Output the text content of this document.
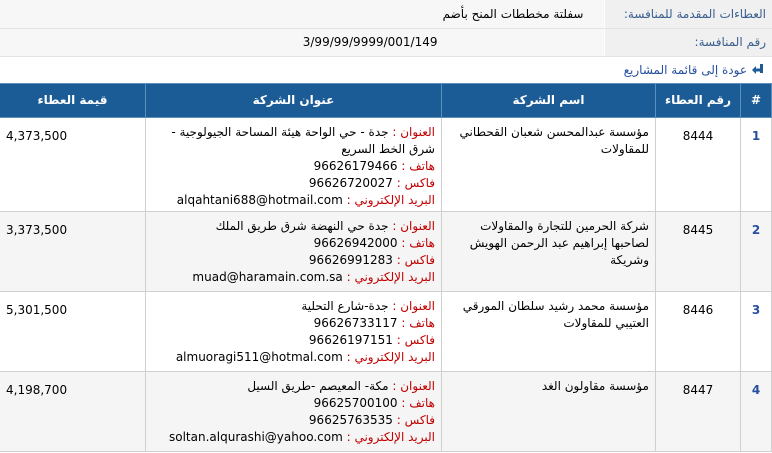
العطاءات المقدمة للمنافسة:	سفلتة مخططات المنح بأضم
رقم المنافسة:	3/99/99/9999/001/149
عودة إلى قائمة المشاريع
#	رقم العطاء	اسم الشركة	عنوان الشركة	قيمة العطاء
1	8444	مؤسسة عبدالمحسن شعبان القحطاني للمقاولات	العنوان : جدة - حي الواحة هيئة المساحة الجيولوجية - شرق الخط السريع
هاتف : 96626179466
فاكس : 96626720027
البريد الإلكتروني : alqahtani688@hotmail.com	4,373,500
2	8445	شركة الحرمين للتجارة والمقاولات لصاحبها إبراهيم عبد الرحمن الهويش وشريكة	العنوان : جدة حي النهضة شرق طريق الملك
هاتف : 96626942000
فاكس : 96626991283
البريد الإلكتروني : muad@haramain.com.sa	3,373,500
3	8446	مؤسسة محمد رشيد سلطان المورقي العتيبي للمقاولات	العنوان : جدة-شارع التحلية
هاتف : 96626733117
فاكس : 96626197151
البريد الإلكتروني : almuoragi511@hotmal.com	5,301,500
4	8447	مؤسسة مقاولون الغد	العنوان : مكة- المعيصم -طريق السيل
هاتف : 96625700100
فاكس : 96625763535
البريد الإلكتروني : soltan.alqurashi@yahoo.com	4,198,700
